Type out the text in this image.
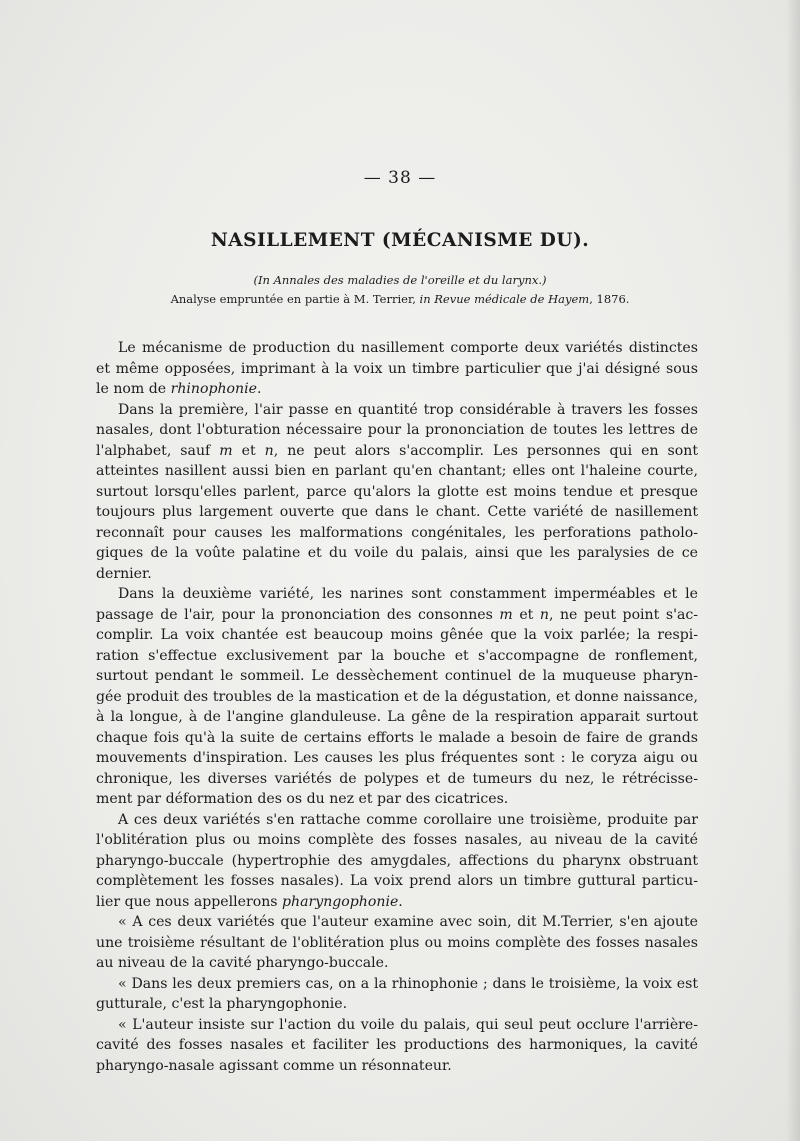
— 38 —
NASILLEMENT (MÉCANISME DU).
(In Annales des maladies de l'oreille et du larynx.)
Analyse empruntée en partie à M. Terrier, in Revue médicale de Hayem, 1876.

Le mécanisme de production du nasillement comporte deux variétés distinctes et même opposées, imprimant à la voix un timbre particulier que j'ai désigné sous le nom de rhinophonie.

Dans la première, l'air passe en quantité trop considérable à travers les fosses nasales, dont l'obturation nécessaire pour la prononciation de toutes les lettres de l'alphabet, sauf m et n, ne peut alors s'accomplir. Les personnes qui en sont atteintes nasillent aussi bien en parlant qu'en chantant; elles ont l'haleine courte, surtout lorsqu'elles parlent, parce qu'alors la glotte est moins tendue et presque toujours plus largement ouverte que dans le chant. Cette variété de nasillement reconnaît pour causes les malformations congénitales, les perforations patholo-giques de la voûte palatine et du voile du palais, ainsi que les paralysies de ce dernier.

Dans la deuxième variété, les narines sont constamment imperméables et le passage de l'air, pour la prononciation des consonnes m et n, ne peut point s'ac-complir. La voix chantée est beaucoup moins gênée que la voix parlée; la respi-ration s'effectue exclusivement par la bouche et s'accompagne de ronflement, surtout pendant le sommeil. Le dessèchement continuel de la muqueuse pharyn-gée produit des troubles de la mastication et de la dégustation, et donne naissance, à la longue, à de l'angine glanduleuse. La gêne de la respiration apparait surtout chaque fois qu'à la suite de certains efforts le malade a besoin de faire de grands mouvements d'inspiration. Les causes les plus fréquentes sont : le coryza aigu ou chronique, les diverses variétés de polypes et de tumeurs du nez, le rétrécisse-ment par déformation des os du nez et par des cicatrices.

A ces deux variétés s'en rattache comme corollaire une troisième, produite par l'oblitération plus ou moins complète des fosses nasales, au niveau de la cavité pharyngo-buccale (hypertrophie des amygdales, affections du pharynx obstruant complètement les fosses nasales). La voix prend alors un timbre guttural particu-lier que nous appellerons pharyngophonie.

« A ces deux variétés que l'auteur examine avec soin, dit M.Terrier, s'en ajoute une troisième résultant de l'oblitération plus ou moins complète des fosses nasales au niveau de la cavité pharyngo-buccale.

« Dans les deux premiers cas, on a la rhinophonie ; dans le troisième, la voix est gutturale, c'est la pharyngophonie.

« L'auteur insiste sur l'action du voile du palais, qui seul peut occlure l'arrière-cavité des fosses nasales et faciliter les productions des harmoniques, la cavité pharyngo-nasale agissant comme un résonnateur.
